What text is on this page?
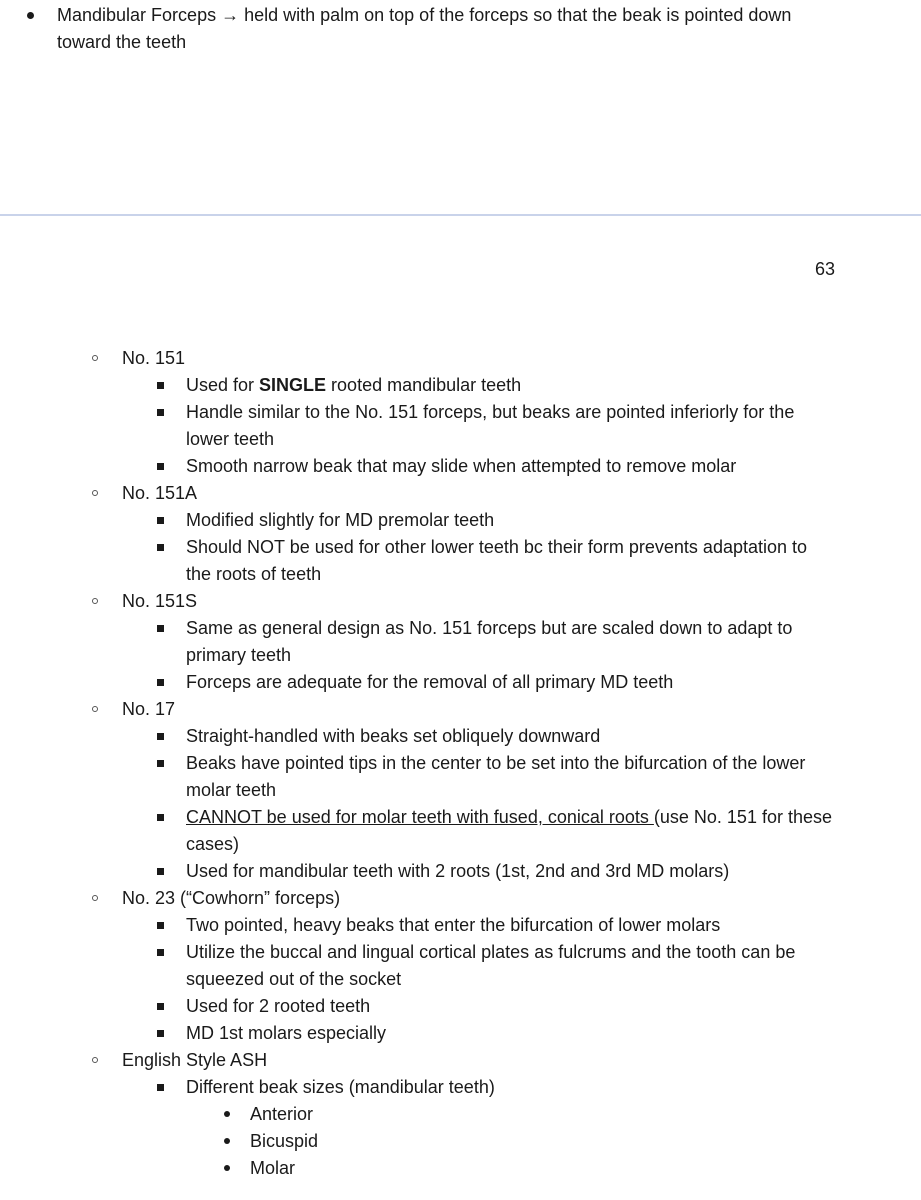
Mandibular Forceps → held with palm on top of the forceps so that the beak is pointed down toward the teeth
63
No. 151
Used for SINGLE rooted mandibular teeth
Handle similar to the No. 151 forceps, but beaks are pointed inferiorly for the lower teeth
Smooth narrow beak that may slide when attempted to remove molar
No. 151A
Modified slightly for MD premolar teeth
Should NOT be used for other lower teeth bc their form prevents adaptation to the roots of teeth
No. 151S
Same as general design as No. 151 forceps but are scaled down to adapt to primary teeth
Forceps are adequate for the removal of all primary MD teeth
No. 17
Straight-handled with beaks set obliquely downward
Beaks have pointed tips in the center to be set into the bifurcation of the lower molar teeth
CANNOT be used for molar teeth with fused, conical roots (use No. 151 for these cases)
Used for mandibular teeth with 2 roots (1st, 2nd and 3rd MD molars)
No. 23 (“Cowhorn” forceps)
Two pointed, heavy beaks that enter the bifurcation of lower molars
Utilize the buccal and lingual cortical plates as fulcrums and the tooth can be squeezed out of the socket
Used for 2 rooted teeth
MD 1st molars especially
English Style ASH
Different beak sizes (mandibular teeth)
Anterior
Bicuspid
Molar
